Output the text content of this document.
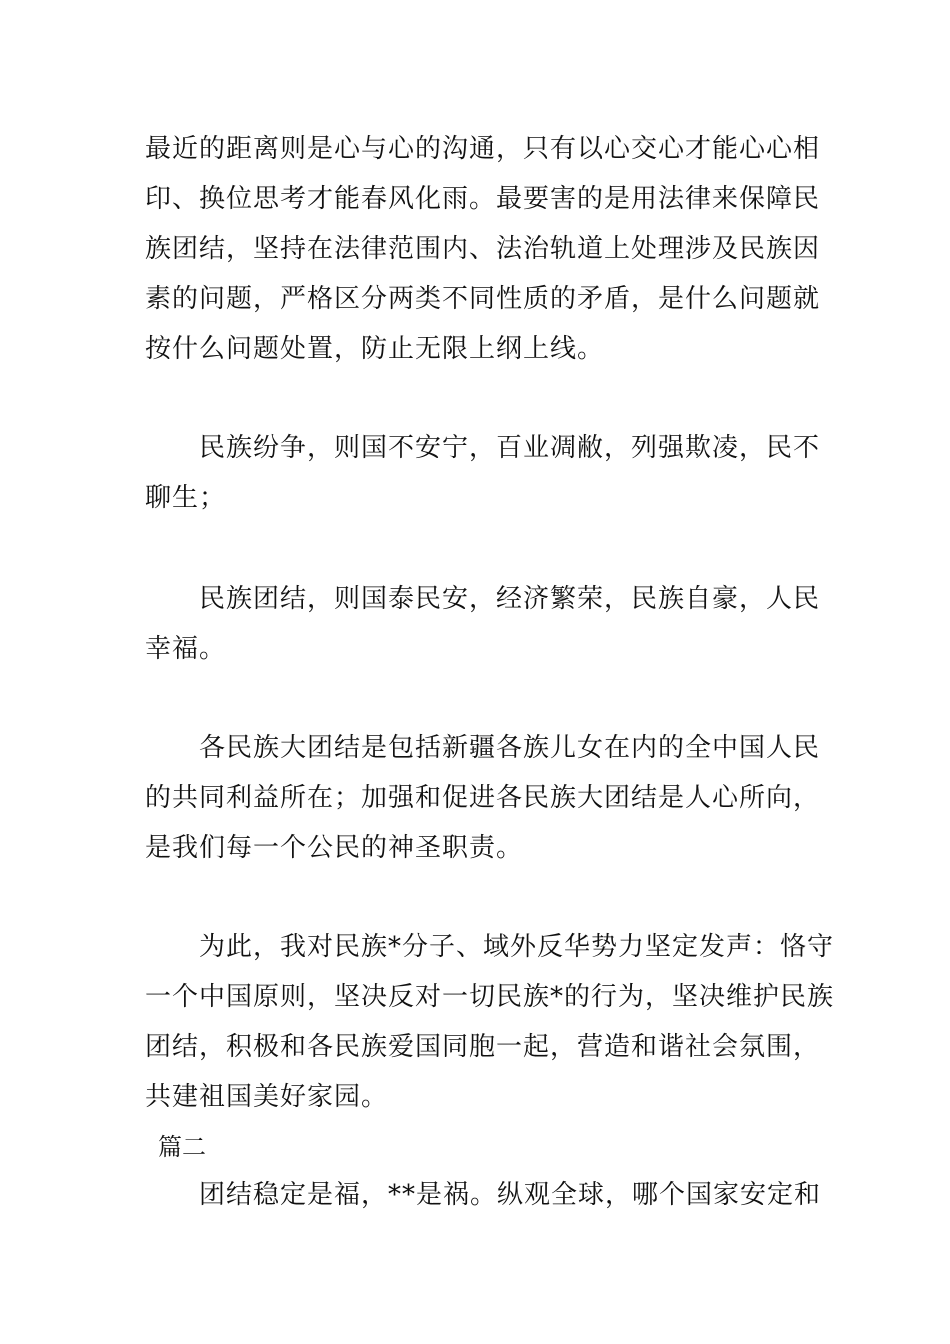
最近的距离则是心与心的沟通，只有以心交心才能心心相
印、换位思考才能春风化雨。最要害的是用法律来保障民
族团结，坚持在法律范围内、法治轨道上处理涉及民族因
素的问题，严格区分两类不同性质的矛盾，是什么问题就
按什么问题处置，防止无限上纲上线。
民族纷争，则国不安宁，百业凋敝，列强欺凌，民不
聊生；
民族团结，则国泰民安，经济繁荣，民族自豪，人民
幸福。
各民族大团结是包括新疆各族儿女在内的全中国人民
的共同利益所在；加强和促进各民族大团结是人心所向，
是我们每一个公民的神圣职责。
为此，我对民族*分子、域外反华势力坚定发声：恪守
一个中国原则，坚决反对一切民族*的行为，坚决维护民族
团结，积极和各民族爱国同胞一起，营造和谐社会氛围，
共建祖国美好家园。
篇二
团结稳定是福，**是祸。纵观全球，哪个国家安定和
